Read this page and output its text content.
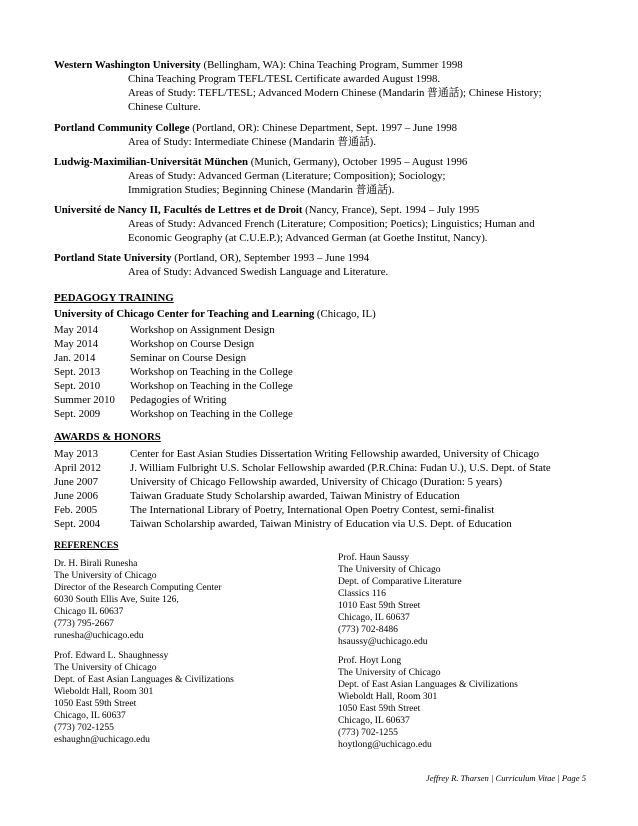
Western Washington University (Bellingham, WA): China Teaching Program, Summer 1998
China Teaching Program TEFL/TESL Certificate awarded August 1998.
Areas of Study: TEFL/TESL; Advanced Modern Chinese (Mandarin 普通話); Chinese History;
Chinese Culture.
Portland Community College (Portland, OR): Chinese Department, Sept. 1997 – June 1998
Area of Study: Intermediate Chinese (Mandarin 普通話).
Ludwig-Maximilian-Universität München (Munich, Germany), October 1995 – August 1996
Areas of Study: Advanced German (Literature; Composition); Sociology;
Immigration Studies; Beginning Chinese (Mandarin 普通話).
Université de Nancy II, Facultés de Lettres et de Droit (Nancy, France), Sept. 1994 – July 1995
Areas of Study: Advanced French (Literature; Composition; Poetics); Linguistics; Human and
Economic Geography (at C.U.E.P.); Advanced German (at Goethe Institut, Nancy).
Portland State University (Portland, OR), September 1993 – June 1994
Area of Study: Advanced Swedish Language and Literature.
PEDAGOGY TRAINING
University of Chicago Center for Teaching and Learning (Chicago, IL)
May 2014	Workshop on Assignment Design
May 2014	Workshop on Course Design
Jan. 2014	Seminar on Course Design
Sept. 2013	Workshop on Teaching in the College
Sept. 2010	Workshop on Teaching in the College
Summer 2010 Pedagogies of Writing
Sept. 2009	Workshop on Teaching in the College
AWARDS & HONORS
May 2013	Center for East Asian Studies Dissertation Writing Fellowship awarded, University of Chicago
April 2012	J. William Fulbright U.S. Scholar Fellowship awarded (P.R.China: Fudan U.), U.S. Dept. of State
June 2007	University of Chicago Fellowship awarded, University of Chicago (Duration: 5 years)
June 2006	Taiwan Graduate Study Scholarship awarded, Taiwan Ministry of Education
Feb. 2005	The International Library of Poetry, International Open Poetry Contest, semi-finalist
Sept. 2004	Taiwan Scholarship awarded, Taiwan Ministry of Education via U.S. Dept. of Education
REFERENCES
Dr. H. Birali Runesha
The University of Chicago
Director of the Research Computing Center
6030 South Ellis Ave, Suite 126,
Chicago IL 60637
(773) 795-2667
runesha@uchicago.edu
Prof. Edward L. Shaughnessy
The University of Chicago
Dept. of East Asian Languages & Civilizations
Wieboldt Hall, Room 301
1050 East 59th Street
Chicago, IL 60637
(773) 702-1255
eshaughn@uchicago.edu
Prof. Haun Saussy
The University of Chicago
Dept. of Comparative Literature
Classics 116
1010 East 59th Street
Chicago, IL 60637
(773) 702-8486
hsaussy@uchicago.edu
Prof. Hoyt Long
The University of Chicago
Dept. of East Asian Languages & Civilizations
Wieboldt Hall, Room 301
1050 East 59th Street
Chicago, IL 60637
(773) 702-1255
hoytlong@uchicago.edu
Jeffrey R. Tharsen | Curriculum Vitae | Page 5
